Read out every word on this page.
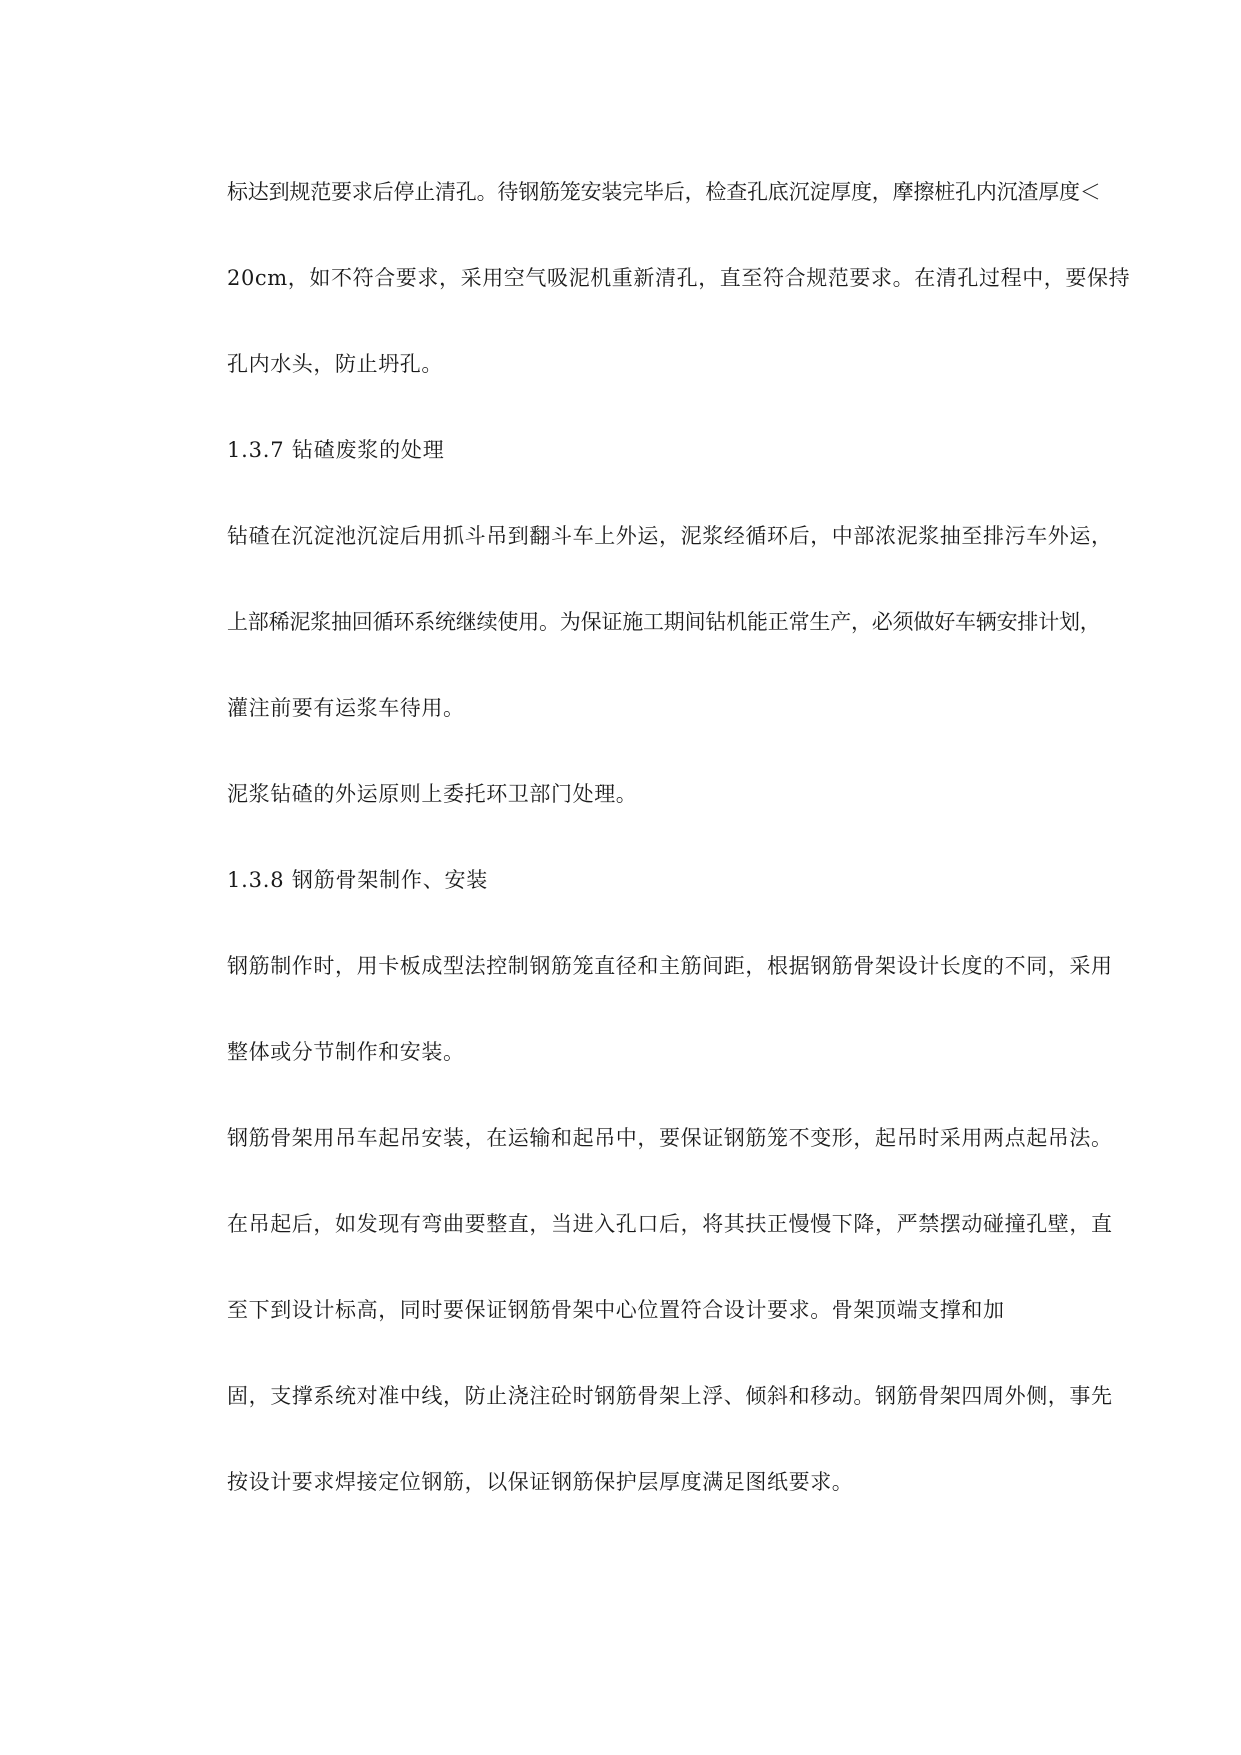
标达到规范要求后停止清孔。待钢筋笼安装完毕后，检查孔底沉淀厚度，摩擦桩孔内沉渣厚度＜
20cm，如不符合要求，采用空气吸泥机重新清孔，直至符合规范要求。在清孔过程中，要保持
孔内水头，防止坍孔。
1.3.7 钻碴废浆的处理
钻碴在沉淀池沉淀后用抓斗吊到翻斗车上外运，泥浆经循环后，中部浓泥浆抽至排污车外运，
上部稀泥浆抽回循环系统继续使用。为保证施工期间钻机能正常生产，必须做好车辆安排计划，
灌注前要有运浆车待用。
泥浆钻碴的外运原则上委托环卫部门处理。
1.3.8 钢筋骨架制作、安装
钢筋制作时，用卡板成型法控制钢筋笼直径和主筋间距，根据钢筋骨架设计长度的不同，采用
整体或分节制作和安装。
钢筋骨架用吊车起吊安装，在运输和起吊中，要保证钢筋笼不变形，起吊时采用两点起吊法。
在吊起后，如发现有弯曲要整直，当进入孔口后，将其扶正慢慢下降，严禁摆动碰撞孔壁，直
至下到设计标高，同时要保证钢筋骨架中心位置符合设计要求。骨架顶端支撑和加
固，支撑系统对准中线，防止浇注砼时钢筋骨架上浮、倾斜和移动。钢筋骨架四周外侧，事先
按设计要求焊接定位钢筋，以保证钢筋保护层厚度满足图纸要求。
